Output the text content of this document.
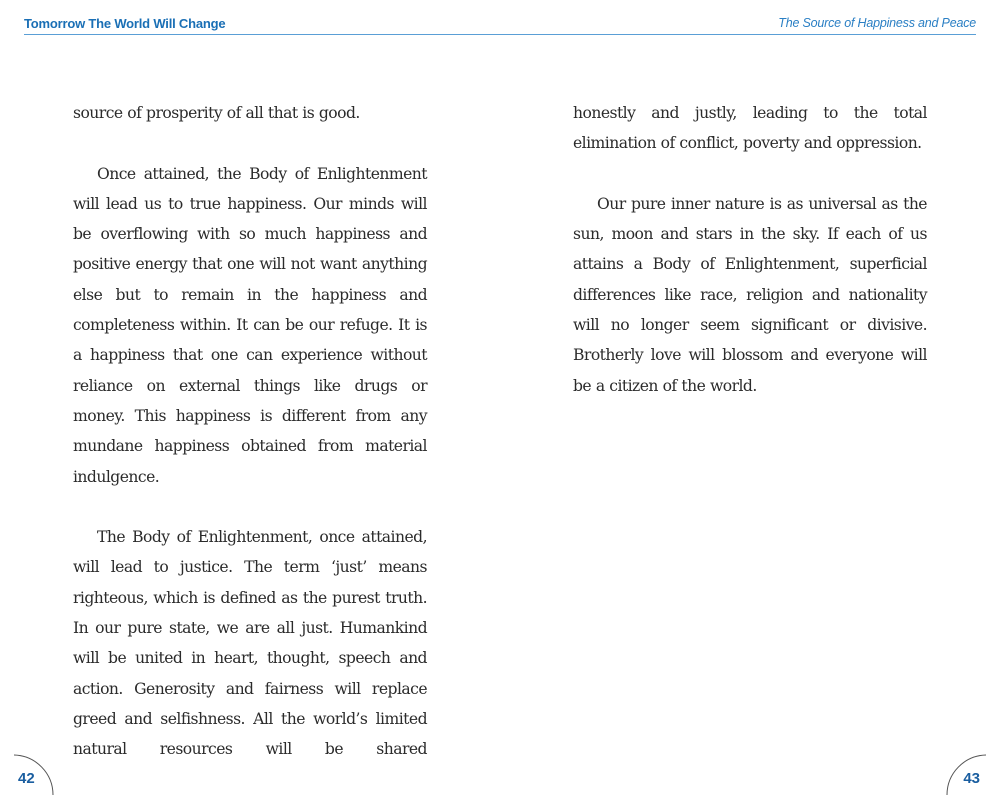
Tomorrow The World Will Change	The Source of Happiness and Peace

source of prosperity of all that is good.

Once attained, the Body of Enlightenment will lead us to true happiness. Our minds will be overflowing with so much happiness and positive energy that one will not want anything else but to remain in the happiness and completeness within. It can be our refuge. It is a happiness that one can experience without reliance on external things like drugs or money. This happiness is different from any mundane happiness obtained from material indulgence.

The Body of Enlightenment, once attained, will lead to justice. The term ‘just’ means righteous, which is defined as the purest truth. In our pure state, we are all just. Humankind will be united in heart, thought, speech and action. Generosity and fairness will replace greed and selfishness. All the world’s limited natural resources will be shared

honestly and justly, leading to the total elimination of conflict, poverty and oppression.

Our pure inner nature is as universal as the sun, moon and stars in the sky. If each of us attains a Body of Enlightenment, superficial differences like race, religion and nationality will no longer seem significant or divisive. Brotherly love will blossom and everyone will be a citizen of the world.

42	43
